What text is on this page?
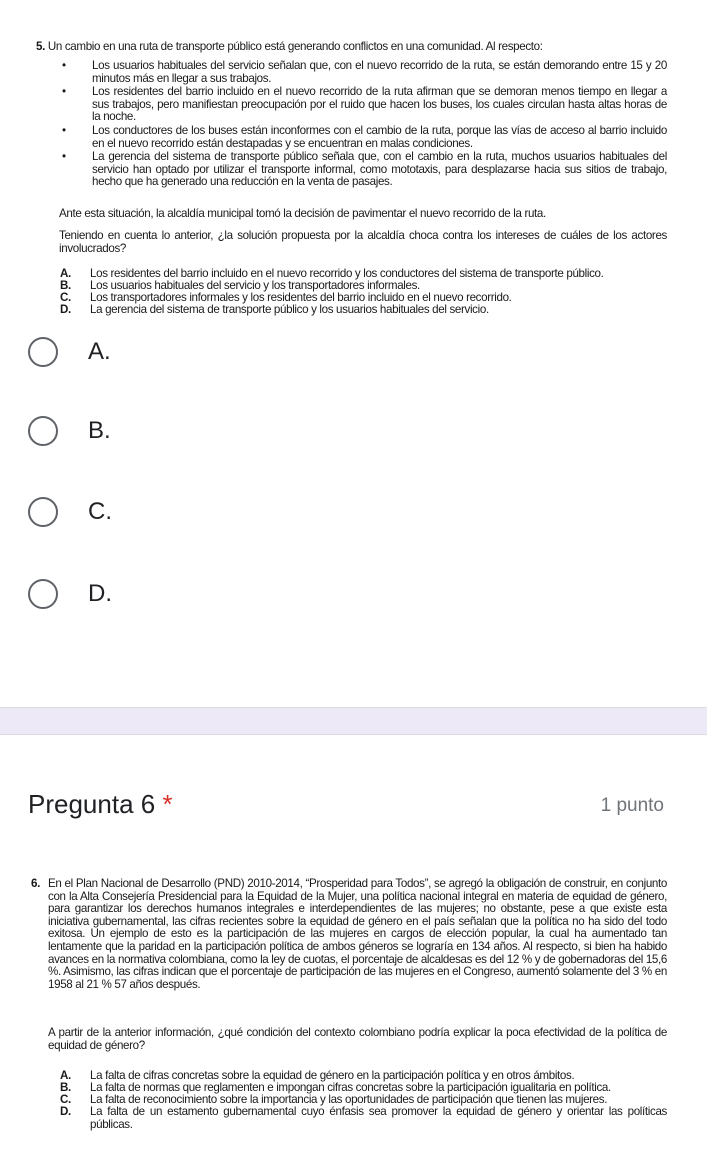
5. Un cambio en una ruta de transporte público está generando conflictos en una comunidad. Al respecto:

• Los usuarios habituales del servicio señalan que, con el nuevo recorrido de la ruta, se están demorando entre 15 y 20 minutos más en llegar a sus trabajos.

• Los residentes del barrio incluido en el nuevo recorrido de la ruta afirman que se demoran menos tiempo en llegar a sus trabajos, pero manifiestan preocupación por el ruido que hacen los buses, los cuales circulan hasta altas horas de la noche.

• Los conductores de los buses están inconformes con el cambio de la ruta, porque las vías de acceso al barrio incluido en el nuevo recorrido están destapadas y se encuentran en malas condiciones.

• La gerencia del sistema de transporte público señala que, con el cambio en la ruta, muchos usuarios habituales del servicio han optado por utilizar el transporte informal, como mototaxis, para desplazarse hacia sus sitios de trabajo, hecho que ha generado una reducción en la venta de pasajes.

Ante esta situación, la alcaldía municipal tomó la decisión de pavimentar el nuevo recorrido de la ruta.

Teniendo en cuenta lo anterior, ¿la solución propuesta por la alcaldía choca contra los intereses de cuáles de los actores involucrados?

A. Los residentes del barrio incluido en el nuevo recorrido y los conductores del sistema de transporte público.

B. Los usuarios habituales del servicio y los transportadores informales.

C. Los transportadores informales y los residentes del barrio incluido en el nuevo recorrido.

D. La gerencia del sistema de transporte público y los usuarios habituales del servicio.

A.
B.
C.
D.
Pregunta 6 *	1 punto

6. En el Plan Nacional de Desarrollo (PND) 2010-2014, “Prosperidad para Todos”, se agregó la obligación de construir, en conjunto con la Alta Consejería Presidencial para la Equidad de la Mujer, una política nacional integral en materia de equidad de género, para garantizar los derechos humanos integrales e interdependientes de las mujeres; no obstante, pese a que existe esta iniciativa gubernamental, las cifras recientes sobre la equidad de género en el país señalan que la política no ha sido del todo exitosa. Un ejemplo de esto es la participación de las mujeres en cargos de elección popular, la cual ha aumentado tan lentamente que la paridad en la participación política de ambos géneros se lograría en 134 años. Al respecto, si bien ha habido avances en la normativa colombiana, como la ley de cuotas, el porcentaje de alcaldesas es del 12 % y de gobernadoras del 15,6 %. Asimismo, las cifras indican que el porcentaje de participación de las mujeres en el Congreso, aumentó solamente del 3 % en 1958 al 21 % 57 años después.

A partir de la anterior información, ¿qué condición del contexto colombiano podría explicar la poca efectividad de la política de equidad de género?

A. La falta de cifras concretas sobre la equidad de género en la participación política y en otros ámbitos.

B. La falta de normas que reglamenten e impongan cifras concretas sobre la participación igualitaria en política.

C. La falta de reconocimiento sobre la importancia y las oportunidades de participación que tienen las mujeres.

D. La falta de un estamento gubernamental cuyo énfasis sea promover la equidad de género y orientar las políticas públicas.
